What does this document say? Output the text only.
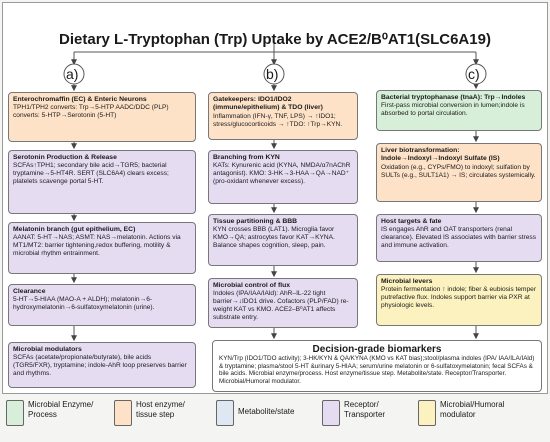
Dietary L-Tryptophan (Trp) Uptake by ACE2/B⁰AT1(SLC6A19)
a)	b)	c)
Enterochromaffin (EC) & Enteric Neurons
TPH1/TPH2 converts: Trp→5-HTP AADC/DDC (PLP) converts: 5-HTP→Serotonin (5-HT)
Serotonin Production & Release
SCFAs↑TPH1; secondary bile acid→TGR5; bacterial tryptamine→5-HT4R. SERT (SLC6A4) clears excess; platelets scavenge portal 5-HT.
Melatonin branch (gut epithelium, EC)
AANAT: 5-HT→NAS; ASMT: NAS→melatonin. Actions via MT1/MT2: barrier tightening,redox buffering, motility & microbial rhythm entrainment.
Clearance
5-HT→5-HIAA (MAO-A + ALDH); melatonin→6-hydroxymelatonin→6-sulfatoxymelatonin (urine).
Microbial modulators
SCFAs (acetate/propionate/butyrate), bile acids (TGR5/FXR), tryptamine; indole-AhR loop preserves barrier and rhythms.
Gatekeepers: IDO1/IDO2 (immune/epithelium) & TDO (liver)
Inflammation (IFN-γ, TNF, LPS) → ↑IDO1; stress/glucocorticoids → ↑TDO: ↑Trp→KYN.
Branching from KYN
KATs: Kynurenic acid (KYNA, NMDA/α7nAChR antagonist). KMO: 3-HK→3-HAA→QA→NAD⁺ (pro-oxidant whenever excess).
Tissue partitioning & BBB
KYN crosses BBB (LAT1). Microglia favor KMO→QA; astrocytes favor KAT→KYNA. Balance shapes cognition, sleep, pain.
Microbial control of flux
Indoles (IPA/IAA/IAld): AhR–IL-22 tight barrier→↓IDO1 drive. Cofactors (PLP/FAD) re-weight KAT vs KMO. ACE2–B⁰AT1 affects substrate entry.
Bacterial tryptophanase (tnaA): Trp→Indoles
First-pass microbial conversion in lumen;indole is absorbed to portal circulation.
Liver biotransformation: Indole→Indoxyl→Indoxyl Sulfate (IS)
Oxidation (e.g., CYPs/FMO) to indoxyl; sulfation by SULTs (e.g., SULT1A1) → IS; circulates systemically.
Host targets & fate
IS engages AhR and OAT transporters (renal clearance). Elevated IS associates with barrier stress and immune activation.
Microbial levers
Protein fermentation ↑ indole; fiber & eubiosis temper putrefactive flux. Indoles support barrier via PXR at physiologic levels.
Decision-grade biomarkers
KYN/Trp (IDO1/TDO activity); 3-HK/KYN & QA/KYNA (KMO vs KAT bias);stool/plasma indoles (IPA/ IAA/ILA/IAld) & tryptamine; plasma/stool 5-HT &urinary 5-HIAA; serum/urine melatonin or 6-sulfatoxymelatonin; fecal SCFAs & bile acids. Microbial enzyme/process. Host enzyme/tissue step. Metabolite/state. Receptor/Transporter. Microbial/Humoral modulator.
Microbial Enzyme/
Process
Host enzyme/
tissue step	Metabolite/state
Receptor/
Transporter
Microbial/Humoral
modulator
